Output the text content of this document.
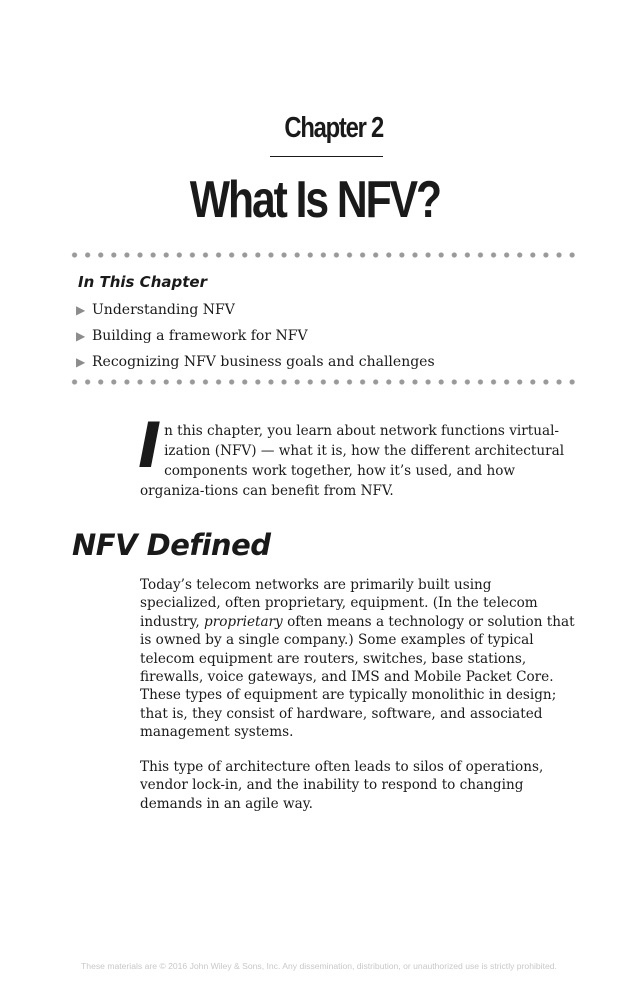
Chapter 2
What Is NFV?
In This Chapter
▶ Understanding NFV
▶ Building a framework for NFV
▶ Recognizing NFV business goals and challenges

In this chapter, you learn about network functions virtual-ization (NFV) — what it is, how the different architectural components work together, how it’s used, and how organiza-tions can benefit from NFV.

NFV Defined

Today’s telecom networks are primarily built using specialized, often proprietary, equipment. (In the telecom industry, proprietary often means a technology or solution that is owned by a single company.) Some examples of typical telecom equipment are routers, switches, base stations, firewalls, voice gateways, and IMS and Mobile Packet Core. These types of equipment are typically monolithic in design; that is, they consist of hardware, software, and associated management systems.

This type of architecture often leads to silos of operations, vendor lock-in, and the inability to respond to changing demands in an agile way.

These materials are © 2016 John Wiley & Sons, Inc. Any dissemination, distribution, or unauthorized use is strictly prohibited.
